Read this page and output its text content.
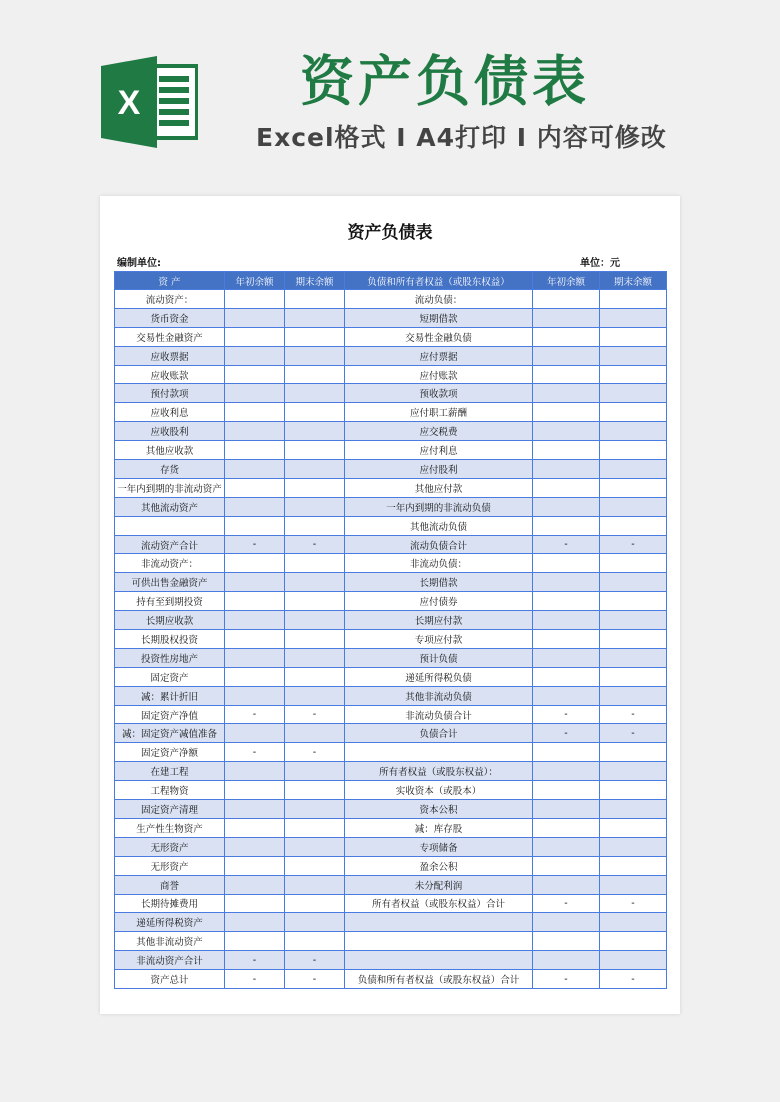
X	资产负债表
Excel格式 I A4打印 I 内容可修改
资产负债表
编制单位:	单位：元
资 产	年初余额	期末余额	负债和所有者权益（或股东权益）	年初余额	期末余额
流动资产：			流动负债：		
货币资金			短期借款		
交易性金融资产			交易性金融负债		
应收票据			应付票据		
应收账款			应付账款		
预付款项			预收款项		
应收利息			应付职工薪酬		
应收股利			应交税费		
其他应收款			应付利息		
存货			应付股利		
一年内到期的非流动资产			其他应付款		
其他流动资产			一年内到期的非流动负债		
			其他流动负债		
流动资产合计	-	-	流动负债合计	-	-
非流动资产：			非流动负债：		
可供出售金融资产			长期借款		
持有至到期投资			应付债券		
长期应收款			长期应付款		
长期股权投资			专项应付款		
投资性房地产			预计负债		
固定资产			递延所得税负债		
减：累计折旧			其他非流动负债		
固定资产净值	-	-	非流动负债合计	-	-
减：固定资产减值准备			负债合计	-	-
固定资产净额	-	-			
在建工程			所有者权益（或股东权益）：		
工程物资			实收资本（或股本）		
固定资产清理			资本公积		
生产性生物资产			减：库存股		
无形资产			专项储备		
无形资产			盈余公积		
商誉			未分配利润		
长期待摊费用			所有者权益（或股东权益）合计	-	-
递延所得税资产					
其他非流动资产					
非流动资产合计	-	-			
资产总计	-	-	负债和所有者权益（或股东权益）合计	-	-
